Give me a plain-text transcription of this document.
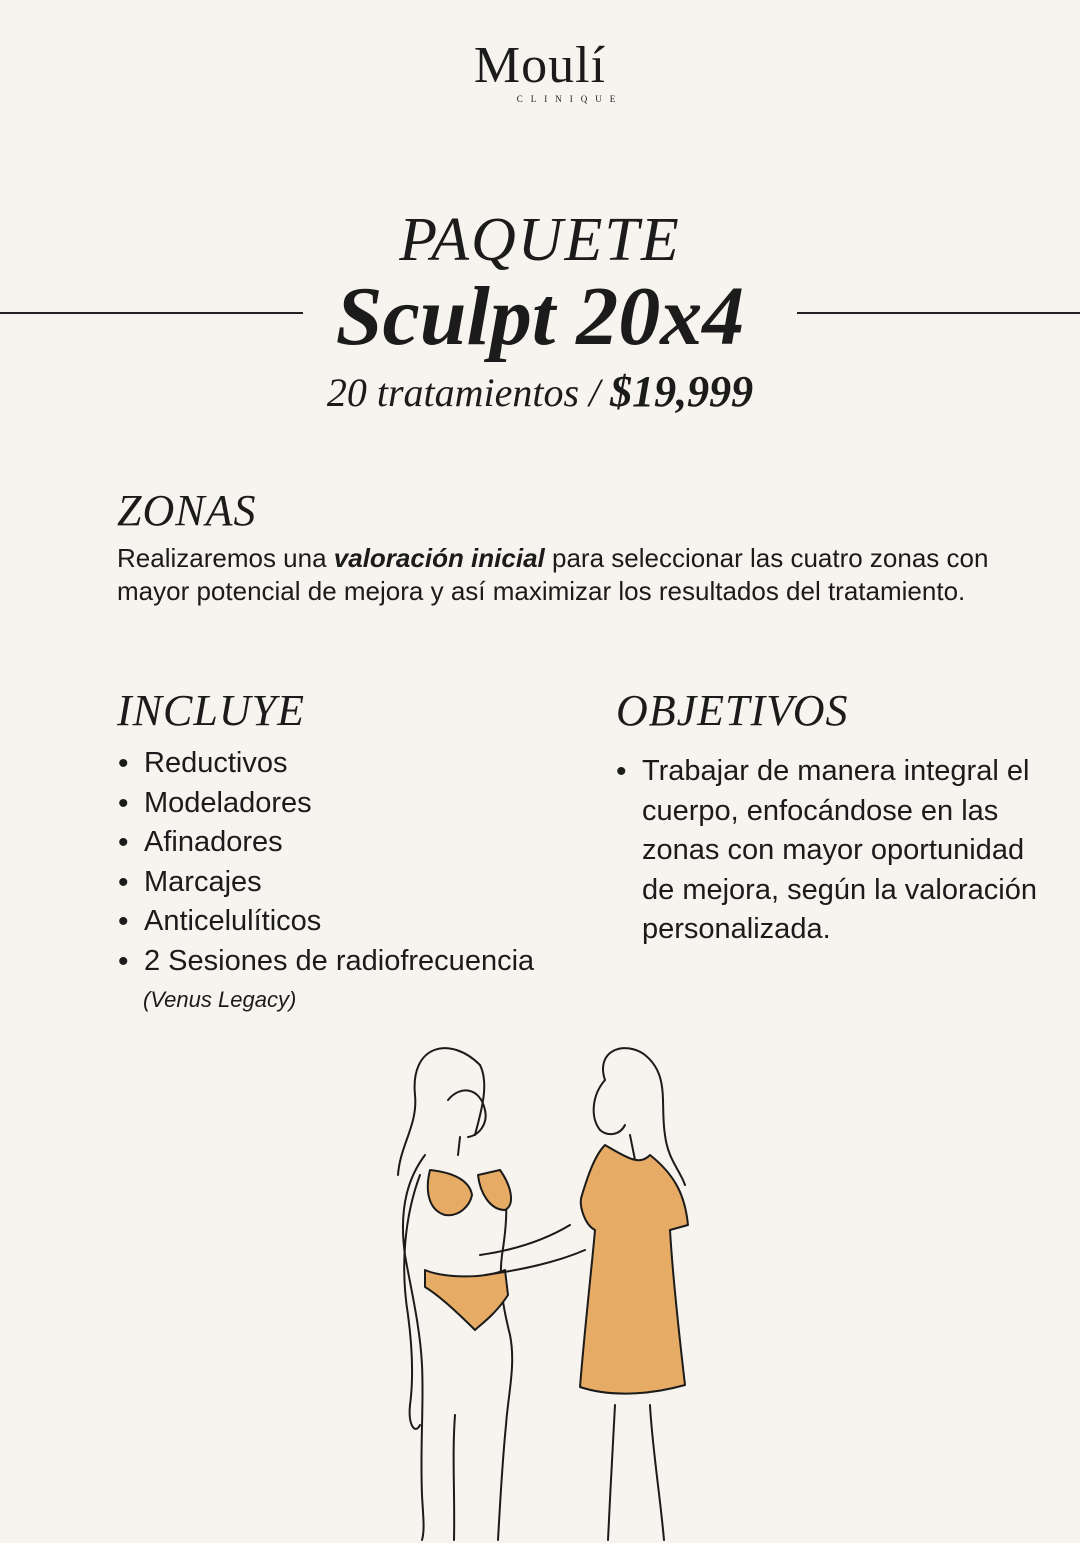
Moulí
CLINIQUE
PAQUETE
Sculpt 20x4
20 tratamientos / $19,999
ZONAS
Realizaremos una valoración inicial para seleccionar las cuatro zonas con mayor potencial de mejora y así maximizar los resultados del tratamiento.
INCLUYE
• Reductivos
• Modeladores
• Afinadores
• Marcajes
• Anticelulíticos
• 2 Sesiones de radiofrecuencia
(Venus Legacy)
OBJETIVOS
• Trabajar de manera integral el cuerpo, enfocándose en las zonas con mayor oportunidad de mejora, según la valoración personalizada.
